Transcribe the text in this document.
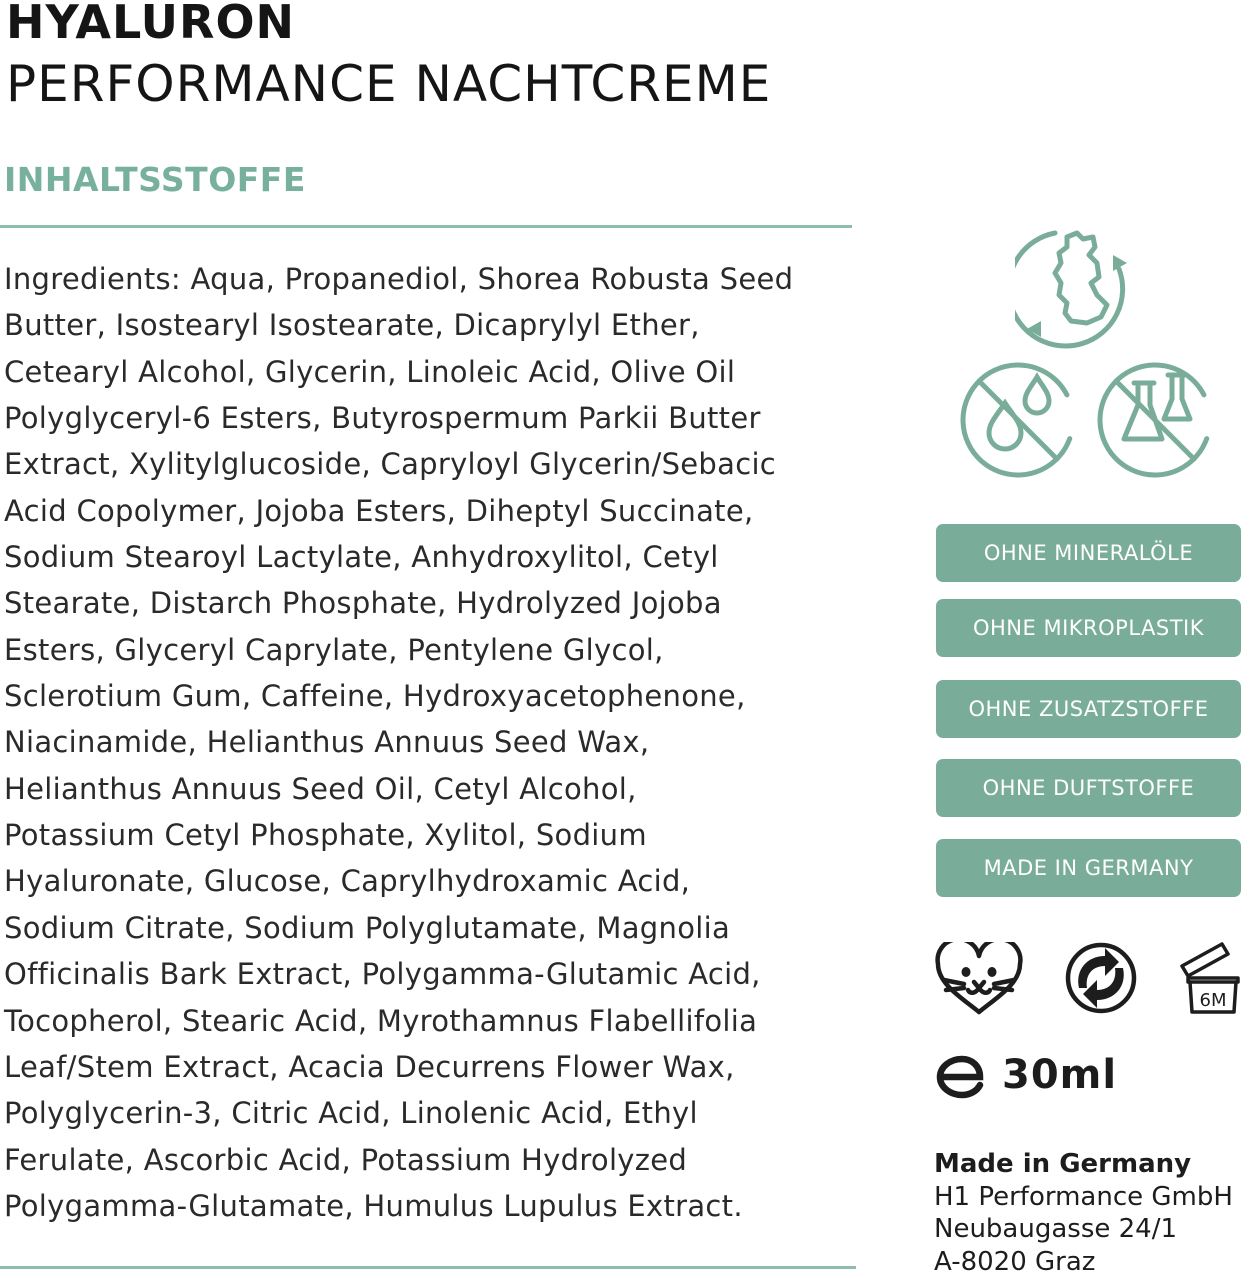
HYALURON
PERFORMANCE NACHTCREME
INHALTSSTOFFE

Ingredients: Aqua, Propanediol, Shorea Robusta Seed
Butter, Isostearyl Isostearate, Dicaprylyl Ether,
Cetearyl Alcohol, Glycerin, Linoleic Acid, Olive Oil
Polyglyceryl-6 Esters, Butyrospermum Parkii Butter
Extract, Xylitylglucoside, Capryloyl Glycerin/Sebacic
Acid Copolymer, Jojoba Esters, Diheptyl Succinate,
Sodium Stearoyl Lactylate, Anhydroxylitol, Cetyl
Stearate, Distarch Phosphate, Hydrolyzed Jojoba
Esters, Glyceryl Caprylate, Pentylene Glycol,
Sclerotium Gum, Caffeine, Hydroxyacetophenone,
Niacinamide, Helianthus Annuus Seed Wax,
Helianthus Annuus Seed Oil, Cetyl Alcohol,
Potassium Cetyl Phosphate, Xylitol, Sodium
Hyaluronate, Glucose, Caprylhydroxamic Acid,
Sodium Citrate, Sodium Polyglutamate, Magnolia
Officinalis Bark Extract, Polygamma-Glutamic Acid,
Tocopherol, Stearic Acid, Myrothamnus Flabellifolia
Leaf/Stem Extract, Acacia Decurrens Flower Wax,
Polyglycerin-3, Citric Acid, Linolenic Acid, Ethyl
Ferulate, Ascorbic Acid, Potassium Hydrolyzed
Polygamma-Glutamate, Humulus Lupulus Extract.

OHNE MINERALÖLE
OHNE MIKROPLASTIK
OHNE ZUSATZSTOFFE
OHNE DUFTSTOFFE
MADE IN GERMANY
6M
30ml
Made in Germany
H1 Performance GmbH
Neubaugasse 24/1
A-8020 Graz
